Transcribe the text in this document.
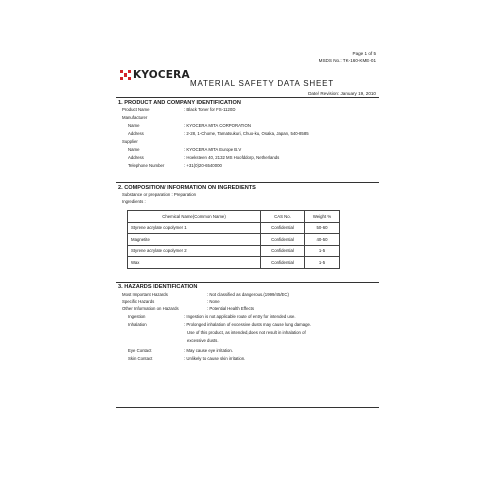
Page 1 of 5
MSDS No.: TK-160-KME-01
KYOCERA
MATERIAL SAFETY DATA SHEET
Date/ Revision: January 19, 2010
1. PRODUCT AND COMPANY IDENTIFICATION
Product Name	: Black Toner for FS-1120D
Manufacturer
Name	: KYOCERA MITA CORPORATION
Address	: 2-28, 1-Chome, Tamatsukuri, Chuo-ku, Osaka, Japan, 540-8585
Supplier
Name	: KYOCERA MITA Europe B.V
Address	: Hoeksteen 40, 2132 MS Hoofddorp, Netherlands
Telephone Number	: +31(0)20-6540000
2. COMPOSITION/ INFORMATION ON INGREDIENTS
Substance or preparation : Preparation
Ingredients :
Chemical Name(Common Name)	CAS No.	Weight %
Styrene acrylate copolymer 1	Confidential	50-60
Magnetite	Confidential	40-50
Styrene acrylate copolymer 2	Confidential	1-5
Wax	Confidential	1-5
3. HAZARDS IDENTIFICATION
Most Important Hazards	: Not classified as dangerous.(1999/45/EC)
Specific Hazards	: None
Other Information on Hazards	: Potential Health Effects
Ingestion	: Ingestion is not applicable route of entry for intended use.
Inhalation	: Prolonged inhalation of excessive dusts may cause lung damage.
Use of this product, as intended,does not result in inhalation of
excessive dusts.
Eye Contact	: May cause eye irritation.
Skin Contact	: Unlikely to cause skin irritation.
